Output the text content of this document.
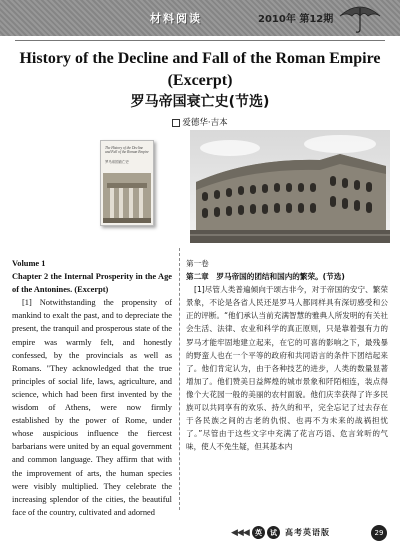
材料阅读	2010年 第12期
History of the Decline and Fall of the Roman Empire (Excerpt)
罗马帝国衰亡史(节选)
爱德华·吉本
The History of the Decline and Fall of the Roman Empire
罗马帝国衰亡史

Volume 1

Chapter 2 the Internal Prosperity in the Age of the Antonines. (Excerpt)

[1] Notwithstanding the propensity of mankind to exalt the past, and to depreciate the present, the tranquil and prosperous state of the empire was warmly felt, and honestly confessed, by the provincials as well as Romans. "They acknowledged that the true principles of social life, laws, agriculture, and science, which had been first invented by the wisdom of Athens, were now firmly established by the power of Rome, under whose auspicious influence the fiercest barbarians were united by an equal government and common language. They affirm that with the improvement of arts, the human species were visibly multiplied. They celebrate the increasing splendor of the cities, the beautiful face of the country, cultivated and adorned

第一卷

第二章　罗马帝国的团结和国内的繁荣。(节选)

[1]尽管人类普遍倾向于颂古非今，对于帝国的安宁、繁荣景象，不论是各省人民还是罗马人都同样具有深切感受和公正的评断。“他们承认当前充满智慧的雅典人所发明的有关社会生活、法律、农业和科学的真正原则，只是靠着强有力的罗马才能牢固地建立起来，在它的可喜的影响之下，最残暴的野蛮人也在一个平等的政府和共同语言的条件下团结起来了。他们肯定认为，由于各种技艺的进步，人类的数量显著增加了。他们赞美日益辉煌的城市景象和阡陌相连，装点得像个大花园一般的美丽的农村面貌。他们庆幸获得了许多民族可以共同享有的欢乐、持久的和平，完全忘记了过去存在于各民族之间的古老的仇恨、也再不为未来的战祸担忧了。”尽管由于这些文字中充满了花言巧语、危言耸听的气味，使人不免生疑，但其基本内

◀◀◀ 英	试	高考英语版	29
